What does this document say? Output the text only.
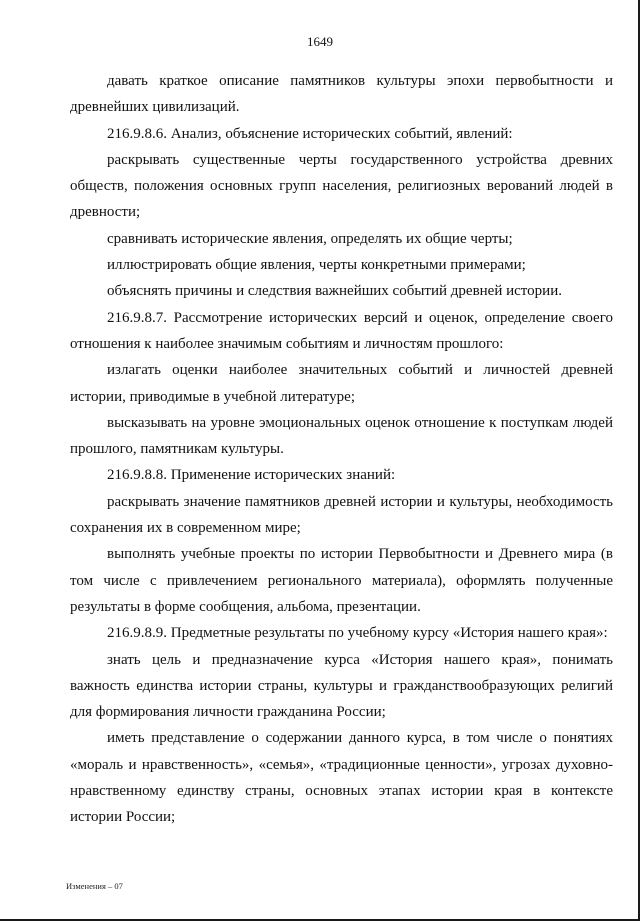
1649

давать краткое описание памятников культуры эпохи первобытности и древнейших цивилизаций.

216.9.8.6. Анализ, объяснение исторических событий, явлений:

раскрывать существенные черты государственного устройства древних обществ, положения основных групп населения, религиозных верований людей в древности;

сравнивать исторические явления, определять их общие черты;

иллюстрировать общие явления, черты конкретными примерами;

объяснять причины и следствия важнейших событий древней истории.

216.9.8.7. Рассмотрение исторических версий и оценок, определение своего отношения к наиболее значимым событиям и личностям прошлого:

излагать оценки наиболее значительных событий и личностей древней истории, приводимые в учебной литературе;

высказывать на уровне эмоциональных оценок отношение к поступкам людей прошлого, памятникам культуры.

216.9.8.8. Применение исторических знаний:

раскрывать значение памятников древней истории и культуры, необходимость сохранения их в современном мире;

выполнять учебные проекты по истории Первобытности и Древнего мира (в том числе с привлечением регионального материала), оформлять полученные результаты в форме сообщения, альбома, презентации.

216.9.8.9. Предметные результаты по учебному курсу «История нашего края»:

знать цель и предназначение курса «История нашего края», понимать важность единства истории страны, культуры и гражданствообразующих религий для формирования личности гражданина России;

иметь представление о содержании данного курса, в том числе о понятиях «мораль и нравственность», «семья», «традиционные ценности», угрозах духовно-нравственному единству страны, основных этапах истории края в контексте истории России;

Изменения – 07
